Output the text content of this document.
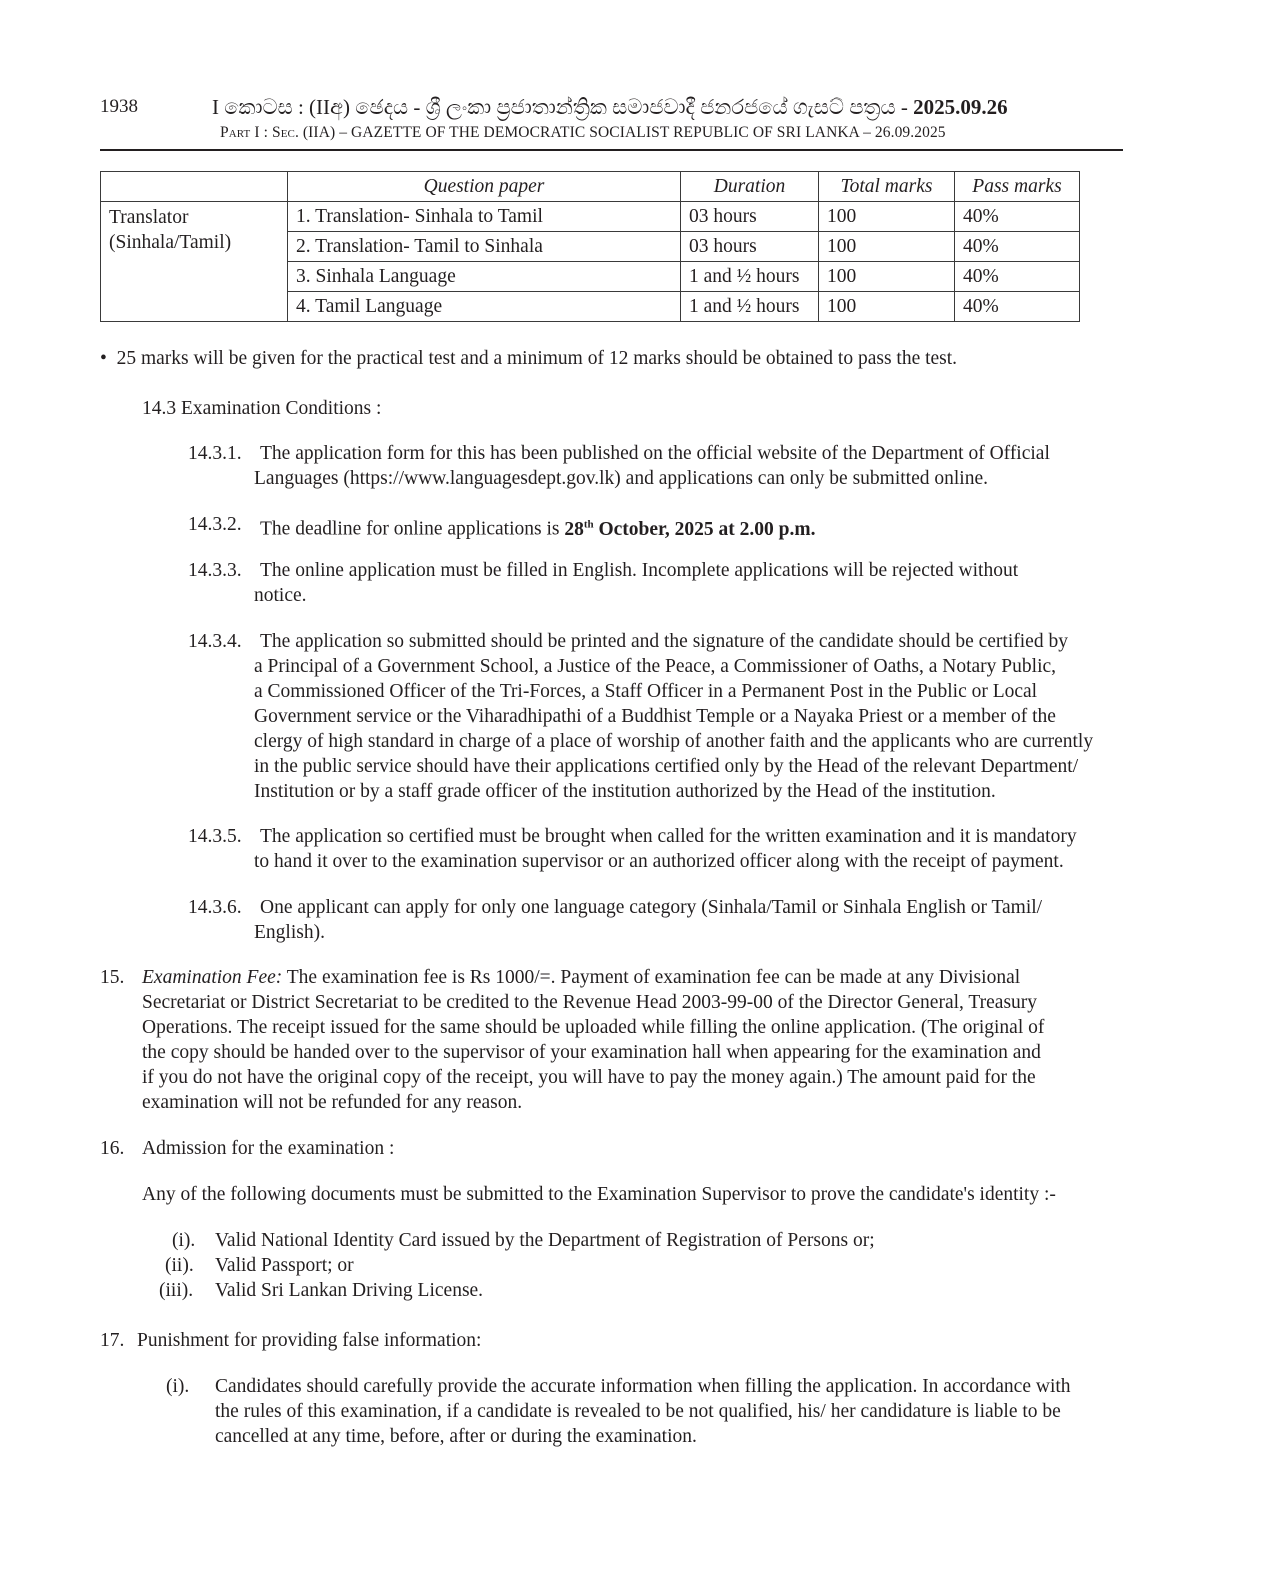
1938	I කොටස : (IIඅ) ඡෙදය - ශ්‍රී ලංකා ප්‍රජාතාන්ත්‍රික සමාජවාදී ජනරජයේ ගැසට් පත්‍රය - 2025.09.26
Part I : Sec. (IIA) – GAZETTE OF THE DEMOCRATIC SOCIALIST REPUBLIC OF SRI LANKA – 26.09.2025
	Question paper	Duration	Total marks	Pass marks

Translator
(Sinhala/Tamil)	1. Translation- Sinhala to Tamil	03 hours	100	40%
	2. Translation- Tamil to Sinhala	03 hours	100	40%
	3. Sinhala Language	1 and ½ hours	100	40%
	4. Tamil Language	1 and ½ hours	100	40%
• 25 marks will be given for the practical test and a minimum of 12 marks should be obtained to pass the test.
14.3 Examination Conditions :
14.3.1. The application form for this has been published on the official website of the Department of Official
Languages (https://www.languagesdept.gov.lk) and applications can only be submitted online.
14.3.2. The deadline for online applications is 28th October, 2025 at 2.00 p.m.
14.3.3. The online application must be filled in English. Incomplete applications will be rejected without
notice.
14.3.4. The application so submitted should be printed and the signature of the candidate should be certified by
a Principal of a Government School, a Justice of the Peace, a Commissioner of Oaths, a Notary Public,
a Commissioned Officer of the Tri-Forces, a Staff Officer in a Permanent Post in the Public or Local
Government service or the Viharadhipathi of a Buddhist Temple or a Nayaka Priest or a member of the
clergy of high standard in charge of a place of worship of another faith and the applicants who are currently
in the public service should have their applications certified only by the Head of the relevant Department/
Institution or by a staff grade officer of the institution authorized by the Head of the institution.
14.3.5. The application so certified must be brought when called for the written examination and it is mandatory
to hand it over to the examination supervisor or an authorized officer along with the receipt of payment.
14.3.6. One applicant can apply for only one language category (Sinhala/Tamil or Sinhala English or Tamil/
English).
15. Examination Fee: The examination fee is Rs 1000/=. Payment of examination fee can be made at any Divisional
Secretariat or District Secretariat to be credited to the Revenue Head 2003-99-00 of the Director General, Treasury
Operations. The receipt issued for the same should be uploaded while filling the online application. (The original of
the copy should be handed over to the supervisor of your examination hall when appearing for the examination and
if you do not have the original copy of the receipt, you will have to pay the money again.) The amount paid for the
examination will not be refunded for any reason.
16. Admission for the examination :
Any of the following documents must be submitted to the Examination Supervisor to prove the candidate's identity :-
(i). Valid National Identity Card issued by the Department of Registration of Persons or;
(ii). Valid Passport; or
(iii). Valid Sri Lankan Driving License.
17. Punishment for providing false information:
(i). Candidates should carefully provide the accurate information when filling the application. In accordance with
the rules of this examination, if a candidate is revealed to be not qualified, his/ her candidature is liable to be
cancelled at any time, before, after or during the examination.
